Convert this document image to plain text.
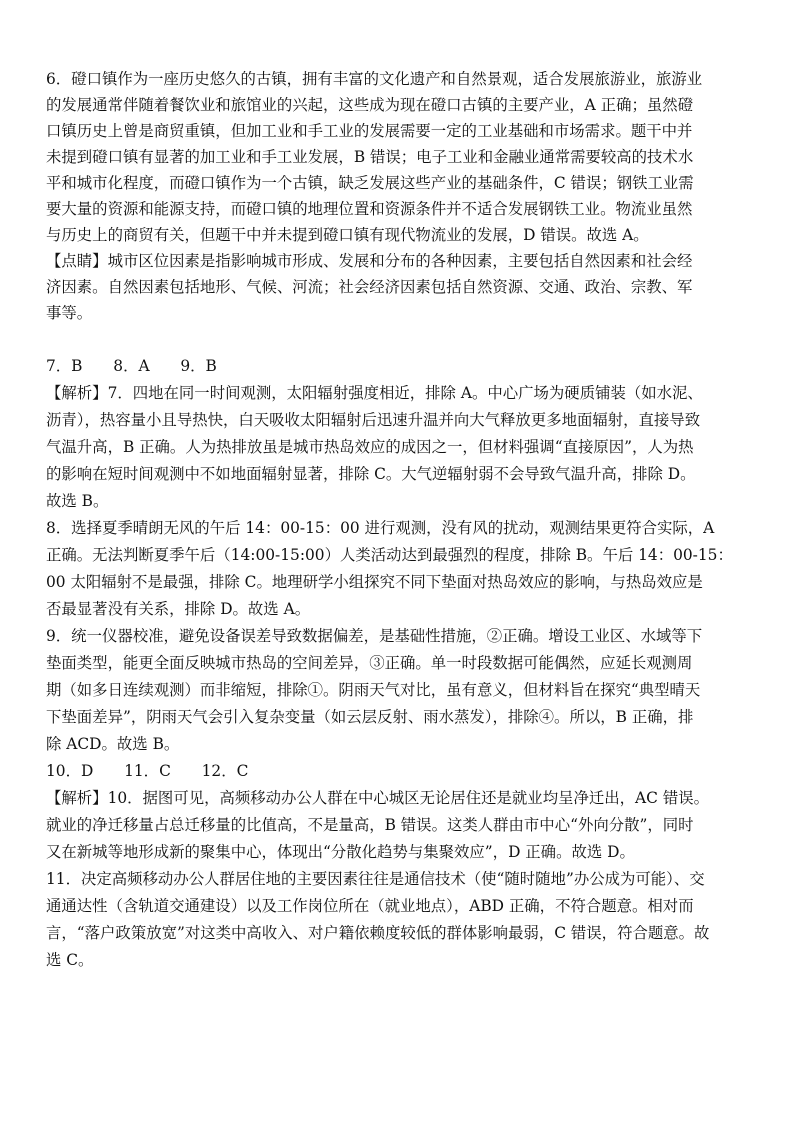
6．磴口镇作为一座历史悠久的古镇，拥有丰富的文化遗产和自然景观，适合发展旅游业，旅游业
的发展通常伴随着餐饮业和旅馆业的兴起，这些成为现在磴口古镇的主要产业，A 正确；虽然磴
口镇历史上曾是商贸重镇，但加工业和手工业的发展需要一定的工业基础和市场需求。题干中并
未提到磴口镇有显著的加工业和手工业发展，B 错误；电子工业和金融业通常需要较高的技术水
平和城市化程度，而磴口镇作为一个古镇，缺乏发展这些产业的基础条件，C 错误；钢铁工业需
要大量的资源和能源支持，而磴口镇的地理位置和资源条件并不适合发展钢铁工业。物流业虽然
与历史上的商贸有关，但题干中并未提到磴口镇有现代物流业的发展，D 错误。故选 A。
【点睛】城市区位因素是指影响城市形成、发展和分布的各种因素，主要包括自然因素和社会经
济因素。自然因素包括地形、气候、河流；社会经济因素包括自然资源、交通、政治、宗教、军
事等。
7．B　　8．A　　9．B
【解析】7．四地在同一时间观测，太阳辐射强度相近，排除 A。中心广场为硬质铺装（如水泥、
沥青），热容量小且导热快，白天吸收太阳辐射后迅速升温并向大气释放更多地面辐射，直接导致
气温升高，B 正确。人为热排放虽是城市热岛效应的成因之一，但材料强调“直接原因”，人为热
的影响在短时间观测中不如地面辐射显著，排除 C。大气逆辐射弱不会导致气温升高，排除 D。
故选 B。
8．选择夏季晴朗无风的午后 14：00-15：00 进行观测，没有风的扰动，观测结果更符合实际，A
正确。无法判断夏季午后（14:00-15:00）人类活动达到最强烈的程度，排除 B。午后 14：00-15：
00 太阳辐射不是最强，排除 C。地理研学小组探究不同下垫面对热岛效应的影响，与热岛效应是
否最显著没有关系，排除 D。故选 A。
9．统一仪器校准，避免设备误差导致数据偏差，是基础性措施，②正确。增设工业区、水域等下
垫面类型，能更全面反映城市热岛的空间差异，③正确。单一时段数据可能偶然，应延长观测周
期（如多日连续观测）而非缩短，排除①。阴雨天气对比，虽有意义，但材料旨在探究“典型晴天
下垫面差异”，阴雨天气会引入复杂变量（如云层反射、雨水蒸发），排除④。所以，B 正确，排
除 ACD。故选 B。
10．D　　11．C　　12．C
【解析】10．据图可见，高频移动办公人群在中心城区无论居住还是就业均呈净迁出，AC 错误。
就业的净迁移量占总迁移量的比值高，不是量高，B 错误。这类人群由市中心“外向分散”，同时
又在新城等地形成新的聚集中心，体现出“分散化趋势与集聚效应”，D 正确。故选 D。
11．决定高频移动办公人群居住地的主要因素往往是通信技术（使“随时随地”办公成为可能）、交
通通达性（含轨道交通建设）以及工作岗位所在（就业地点），ABD 正确，不符合题意。相对而
言，“落户政策放宽”对这类中高收入、对户籍依赖度较低的群体影响最弱，C 错误，符合题意。故
选 C。
